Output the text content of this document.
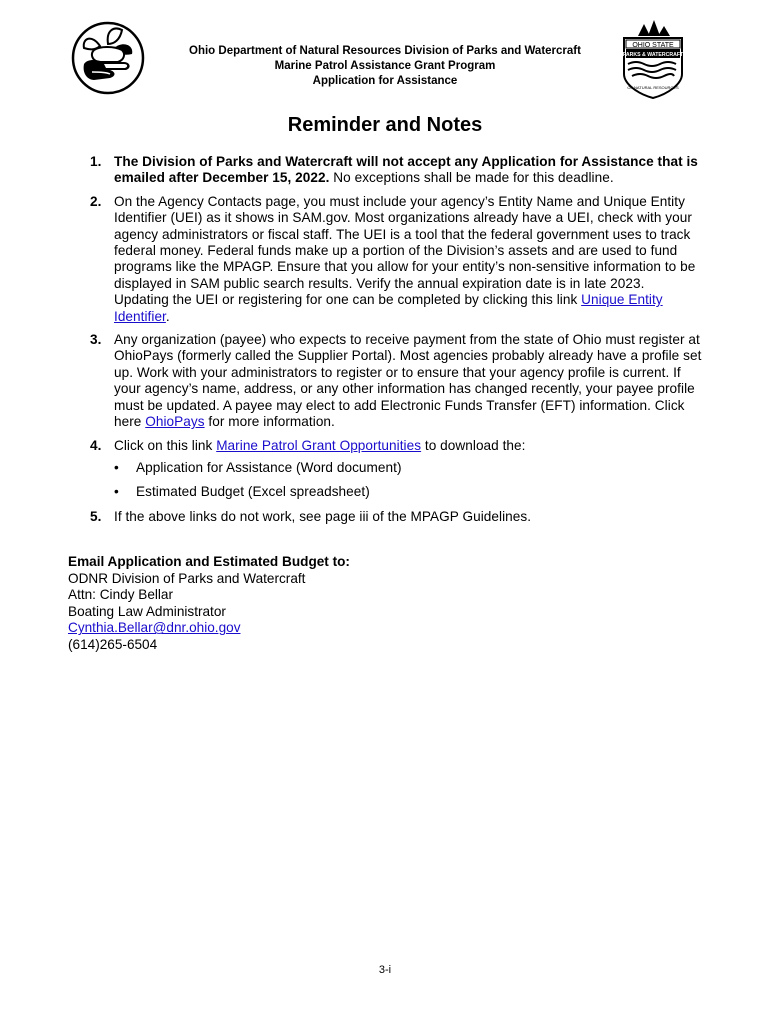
Ohio Department of Natural Resources Division of Parks and Watercraft
Marine Patrol Assistance Grant Program
Application for Assistance
OHIO STATE
PARKS & WATERCRAFT
OF NATURAL RESOURCES
Reminder and Notes
1. The Division of Parks and Watercraft will not accept any Application for Assistance that is emailed after December 15, 2022. No exceptions shall be made for this deadline.

2. On the Agency Contacts page, you must include your agency’s Entity Name and Unique Entity Identifier (UEI) as it shows in SAM.gov. Most organizations already have a UEI, check with your agency administrators or fiscal staff. The UEI is a tool that the federal government uses to track federal money. Federal funds make up a portion of the Division’s assets and are used to fund programs like the MPAGP. Ensure that you allow for your entity’s non-sensitive information to be displayed in SAM public search results. Verify the annual expiration date is in late 2023. Updating the UEI or registering for one can be completed by clicking this link Unique Entity Identifier.

3. Any organization (payee) who expects to receive payment from the state of Ohio must register at OhioPays (formerly called the Supplier Portal). Most agencies probably already have a profile set up. Work with your administrators to register or to ensure that your agency profile is current. If your agency’s name, address, or any other information has changed recently, your payee profile must be updated. A payee may elect to add Electronic Funds Transfer (EFT) information. Click here OhioPays for more information.

4. Click on this link Marine Patrol Grant Opportunities to download the:

• Application for Assistance (Word document)
• Estimated Budget (Excel spreadsheet)
5. If the above links do not work, see page iii of the MPAGP Guidelines.

Email Application and Estimated Budget to:
ODNR Division of Parks and Watercraft
Attn: Cindy Bellar
Boating Law Administrator
Cynthia.Bellar@dnr.ohio.gov
(614)265-6504
3-i
